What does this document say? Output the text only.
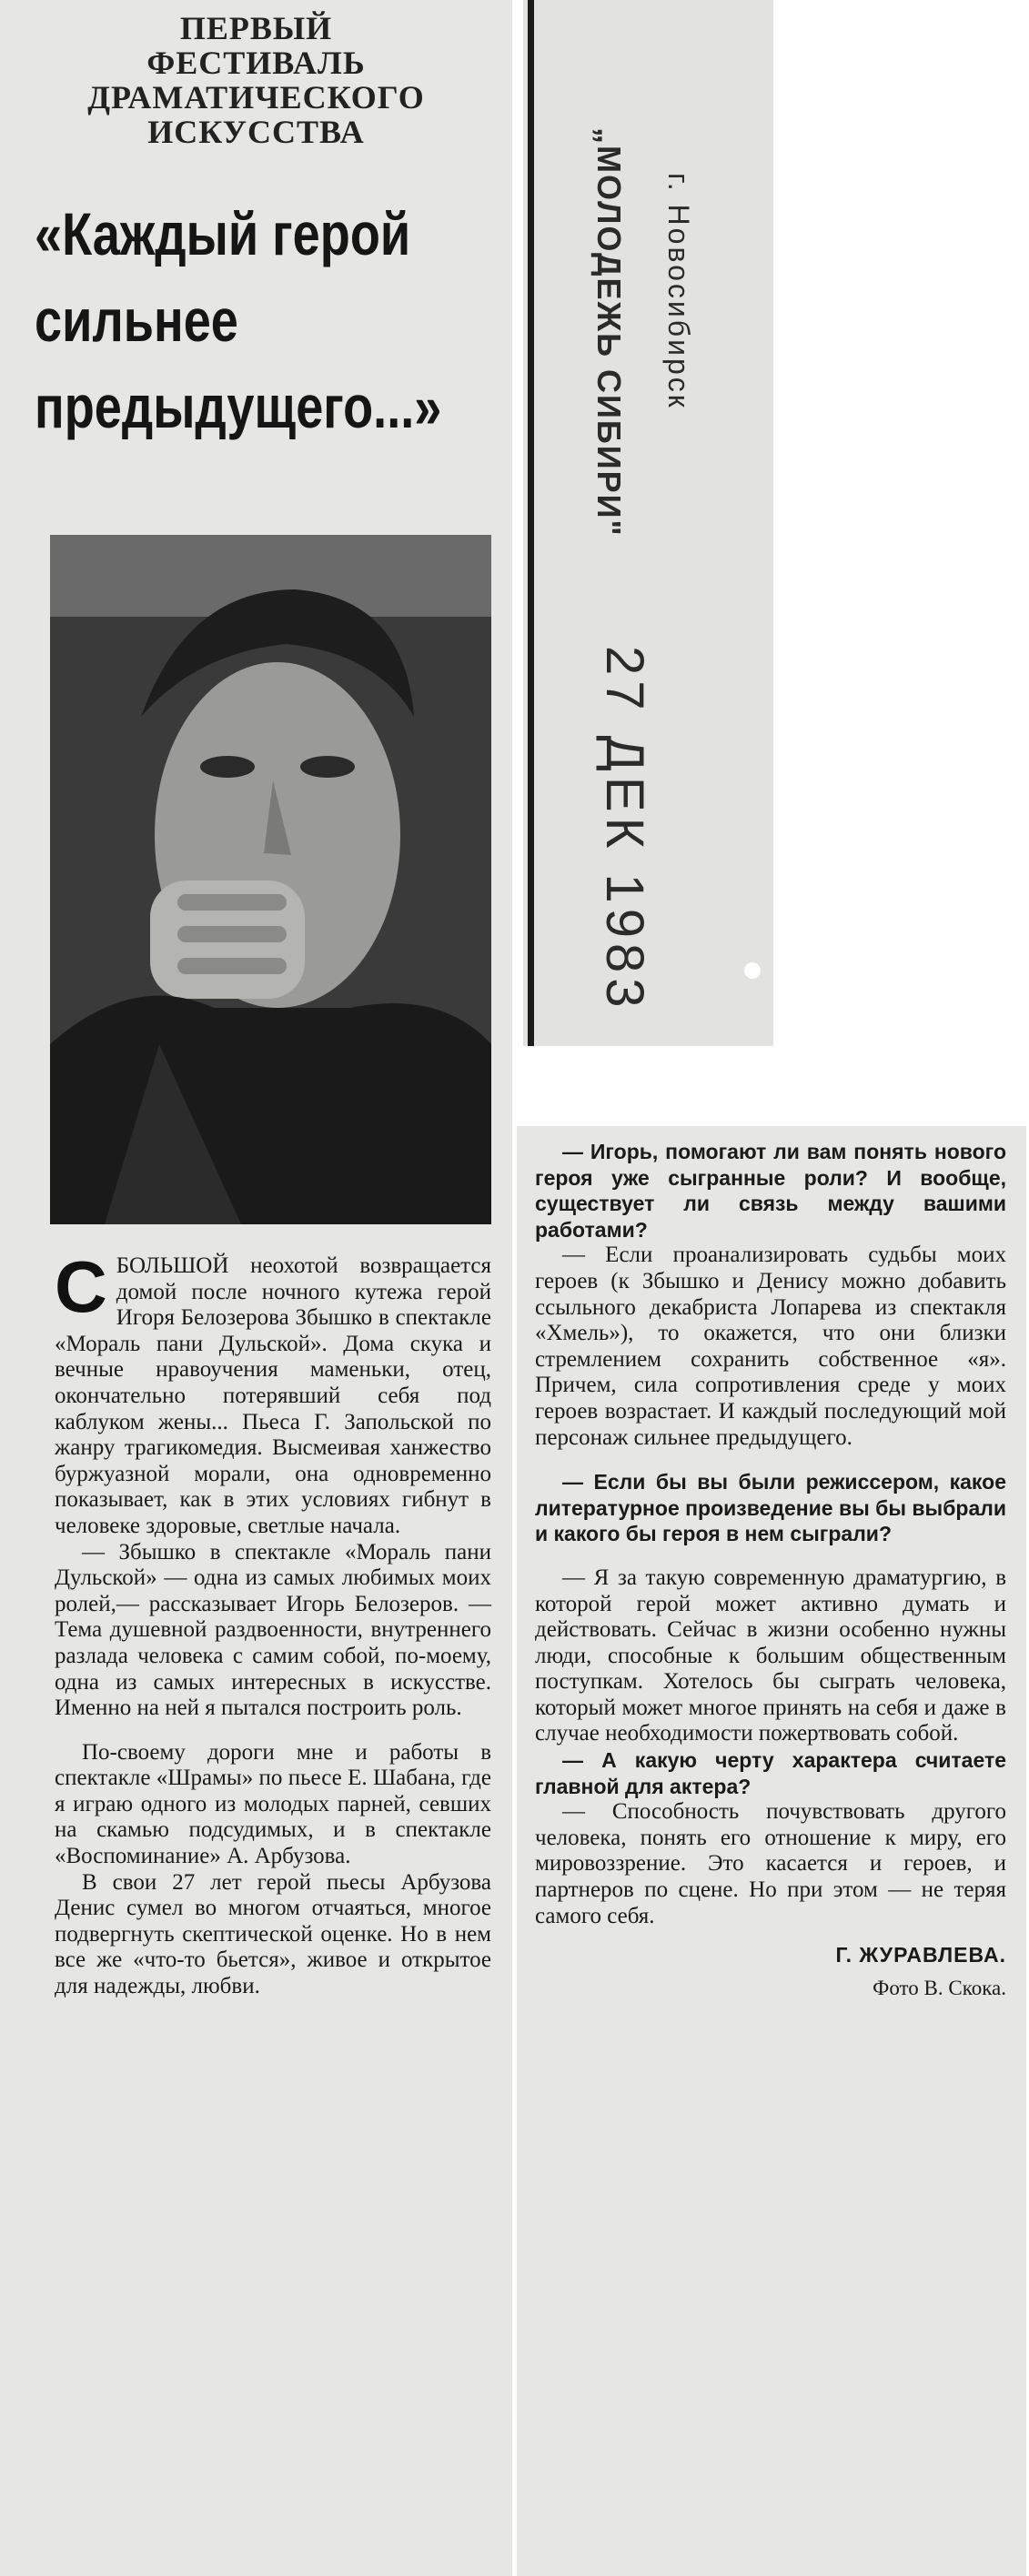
ПЕРВЫЙ
ФЕСТИВАЛЬ
ДРАМАТИЧЕСКОГО
ИСКУССТВА
«Каждый герой
сильнее
предыдущего...»	„МОЛОДЕЖЬ СИБИРИ" г. Новосибирск
27 ДЕК 1983
С БОЛЬШОЙ неохотой возвращается домой после ночного кутежа герой Игоря Белозерова Збышко в спектакле «Мораль пани Дульской». Дома скука и вечные нравоучения маменьки, отец, окончательно потерявший себя под каблуком жены... Пьеса Г. Запольской по жанру трагикомедия. Высмеивая ханжество буржуазной морали, она одновременно показывает, как в этих условиях гибнут в человеке здоровые, светлые начала.

— Збышко в спектакле «Мораль пани Дульской» — одна из самых любимых моих ролей,— рассказывает Игорь Белозеров. — Тема душевной раздвоенности, внутреннего разлада человека с самим собой, по-моему, одна из самых интересных в искусстве. Именно на ней я пытался построить роль.

По-своему дороги мне и работы в спектакле «Шрамы» по пьесе Е. Шабана, где я играю одного из молодых парней, севших на скамью подсудимых, и в спектакле «Воспоминание» А. Арбузова.

В свои 27 лет герой пьесы Арбузова Денис сумел во многом отчаяться, многое подвергнуть скептической оценке. Но в нем все же «что-то бьется», живое и открытое для надежды, любви.

— Игорь, помогают ли вам понять нового героя уже сыгранные роли? И вообще, существует ли связь между вашими работами?

— Если проанализировать судьбы моих героев (к Збышко и Денису можно добавить ссыльного декабриста Лопарева из спектакля «Хмель»), то окажется, что они близки стремлением сохранить собственное «я». Причем, сила сопротивления среде у моих героев возрастает. И каждый последующий мой персонаж сильнее предыдущего.

— Если бы вы были режиссером, какое литературное произведение вы бы выбрали и какого бы героя в нем сыграли?

— Я за такую современную драматургию, в которой герой может активно думать и действовать. Сейчас в жизни особенно нужны люди, способные к большим общественным поступкам. Хотелось бы сыграть человека, который может многое принять на себя и даже в случае необходимости пожертвовать собой.

— А какую черту характера считаете главной для актера?

— Способность почувствовать другого человека, понять его отношение к миру, его мировоззрение. Это касается и героев, и партнеров по сцене. Но при этом — не теряя самого себя.

Г. ЖУРАВЛЕВА.
Фото В. Скока.
